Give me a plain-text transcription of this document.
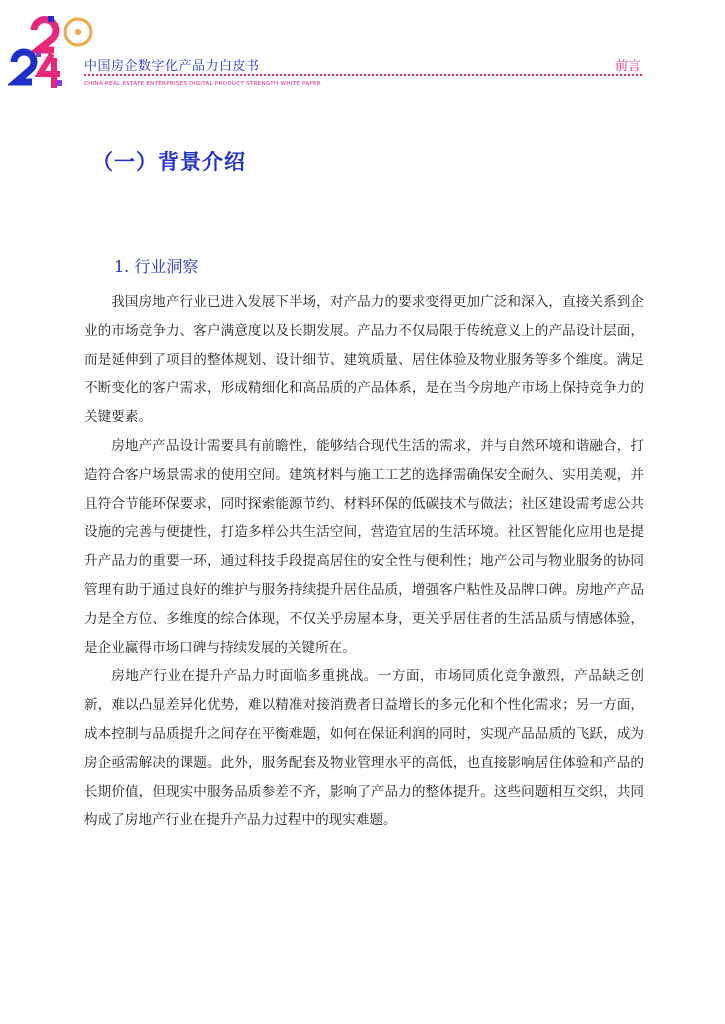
中国房企数字化产品力白皮书	前言
CHINA REAL ESTATE ENTERPRISES DIGITAL PRODUCT STRENGTH WHITE PAPER
（一）背景介绍
1. 行业洞察

我国房地产行业已进入发展下半场，对产品力的要求变得更加广泛和深入，直接关系到企业的市场竞争力、客户满意度以及长期发展。产品力不仅局限于传统意义上的产品设计层面，而是延伸到了项目的整体规划、设计细节、建筑质量、居住体验及物业服务等多个维度。满足不断变化的客户需求，形成精细化和高品质的产品体系，是在当今房地产市场上保持竞争力的关键要素。

房地产产品设计需要具有前瞻性，能够结合现代生活的需求，并与自然环境和谐融合，打造符合客户场景需求的使用空间。建筑材料与施工工艺的选择需确保安全耐久、实用美观，并且符合节能环保要求，同时探索能源节约、材料环保的低碳技术与做法；社区建设需考虑公共设施的完善与便捷性，打造多样公共生活空间，营造宜居的生活环境。社区智能化应用也是提升产品力的重要一环，通过科技手段提高居住的安全性与便利性；地产公司与物业服务的协同管理有助于通过良好的维护与服务持续提升居住品质，增强客户粘性及品牌口碑。房地产产品力是全方位、多维度的综合体现，不仅关乎房屋本身，更关乎居住者的生活品质与情感体验，是企业赢得市场口碑与持续发展的关键所在。

房地产行业在提升产品力时面临多重挑战。一方面，市场同质化竞争激烈，产品缺乏创新，难以凸显差异化优势，难以精准对接消费者日益增长的多元化和个性化需求；另一方面，成本控制与品质提升之间存在平衡难题，如何在保证利润的同时，实现产品品质的飞跃，成为房企亟需解决的课题。此外，服务配套及物业管理水平的高低，也直接影响居住体验和产品的长期价值，但现实中服务品质参差不齐，影响了产品力的整体提升。这些问题相互交织，共同构成了房地产行业在提升产品力过程中的现实难题。
